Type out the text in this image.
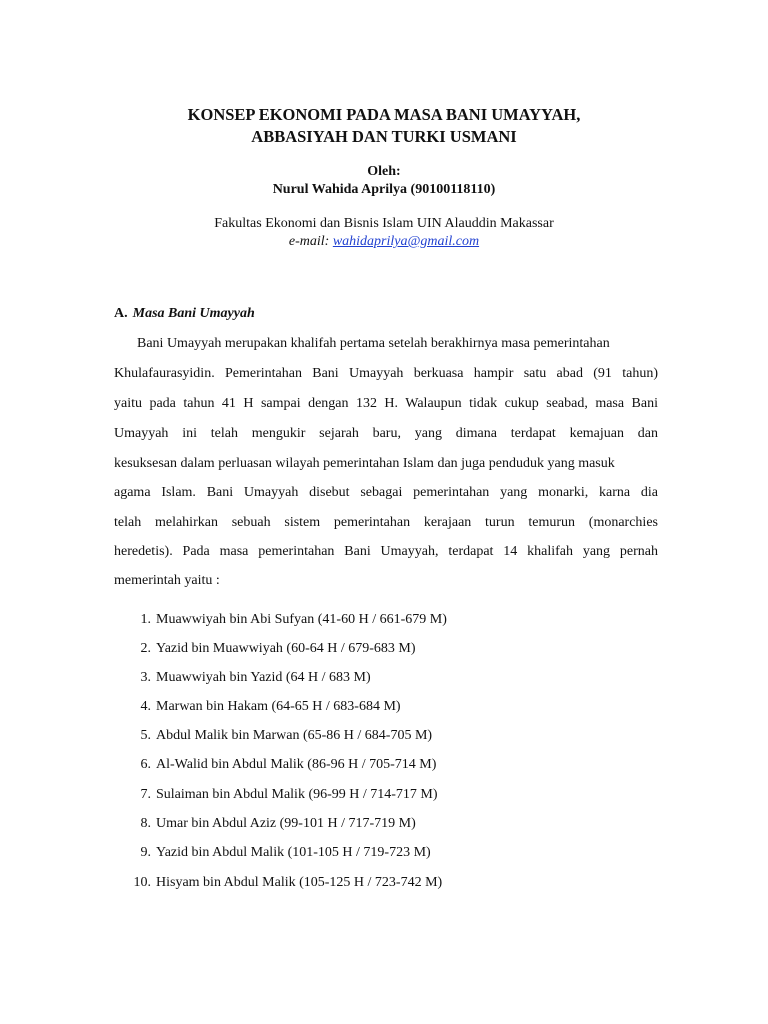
KONSEP EKONOMI PADA MASA BANI UMAYYAH,
ABBASIYAH DAN TURKI USMANI

Oleh:

Nurul Wahida Aprilya (90100118110)

Fakultas Ekonomi dan Bisnis Islam UIN Alauddin Makassar

e-mail: wahidaprilya@gmail.com

A. Masa Bani Umayyah

Bani Umayyah merupakan khalifah pertama setelah berakhirnya masa pemerintahan

Khulafaurasyidin. Pemerintahan Bani Umayyah berkuasa hampir satu abad (91 tahun)

yaitu pada tahun 41 H sampai dengan 132 H. Walaupun tidak cukup seabad, masa Bani

Umayyah ini telah mengukir sejarah baru, yang dimana terdapat kemajuan dan

kesuksesan dalam perluasan wilayah pemerintahan Islam dan juga penduduk yang masuk

agama Islam. Bani Umayyah disebut sebagai pemerintahan yang monarki, karna dia

telah melahirkan sebuah sistem pemerintahan kerajaan turun temurun (monarchies

heredetis). Pada masa pemerintahan Bani Umayyah, terdapat 14 khalifah yang pernah

memerintah yaitu :

1. Muawwiyah bin Abi Sufyan (41-60 H / 661-679 M)
2. Yazid bin Muawwiyah (60-64 H / 679-683 M)
3. Muawwiyah bin Yazid (64 H / 683 M)
4. Marwan bin Hakam (64-65 H / 683-684 M)
5. Abdul Malik bin Marwan (65-86 H / 684-705 M)
6. Al-Walid bin Abdul Malik (86-96 H / 705-714 M)
7. Sulaiman bin Abdul Malik (96-99 H / 714-717 M)
8. Umar bin Abdul Aziz (99-101 H / 717-719 M)
9. Yazid bin Abdul Malik (101-105 H / 719-723 M)
10. Hisyam bin Abdul Malik (105-125 H / 723-742 M)
